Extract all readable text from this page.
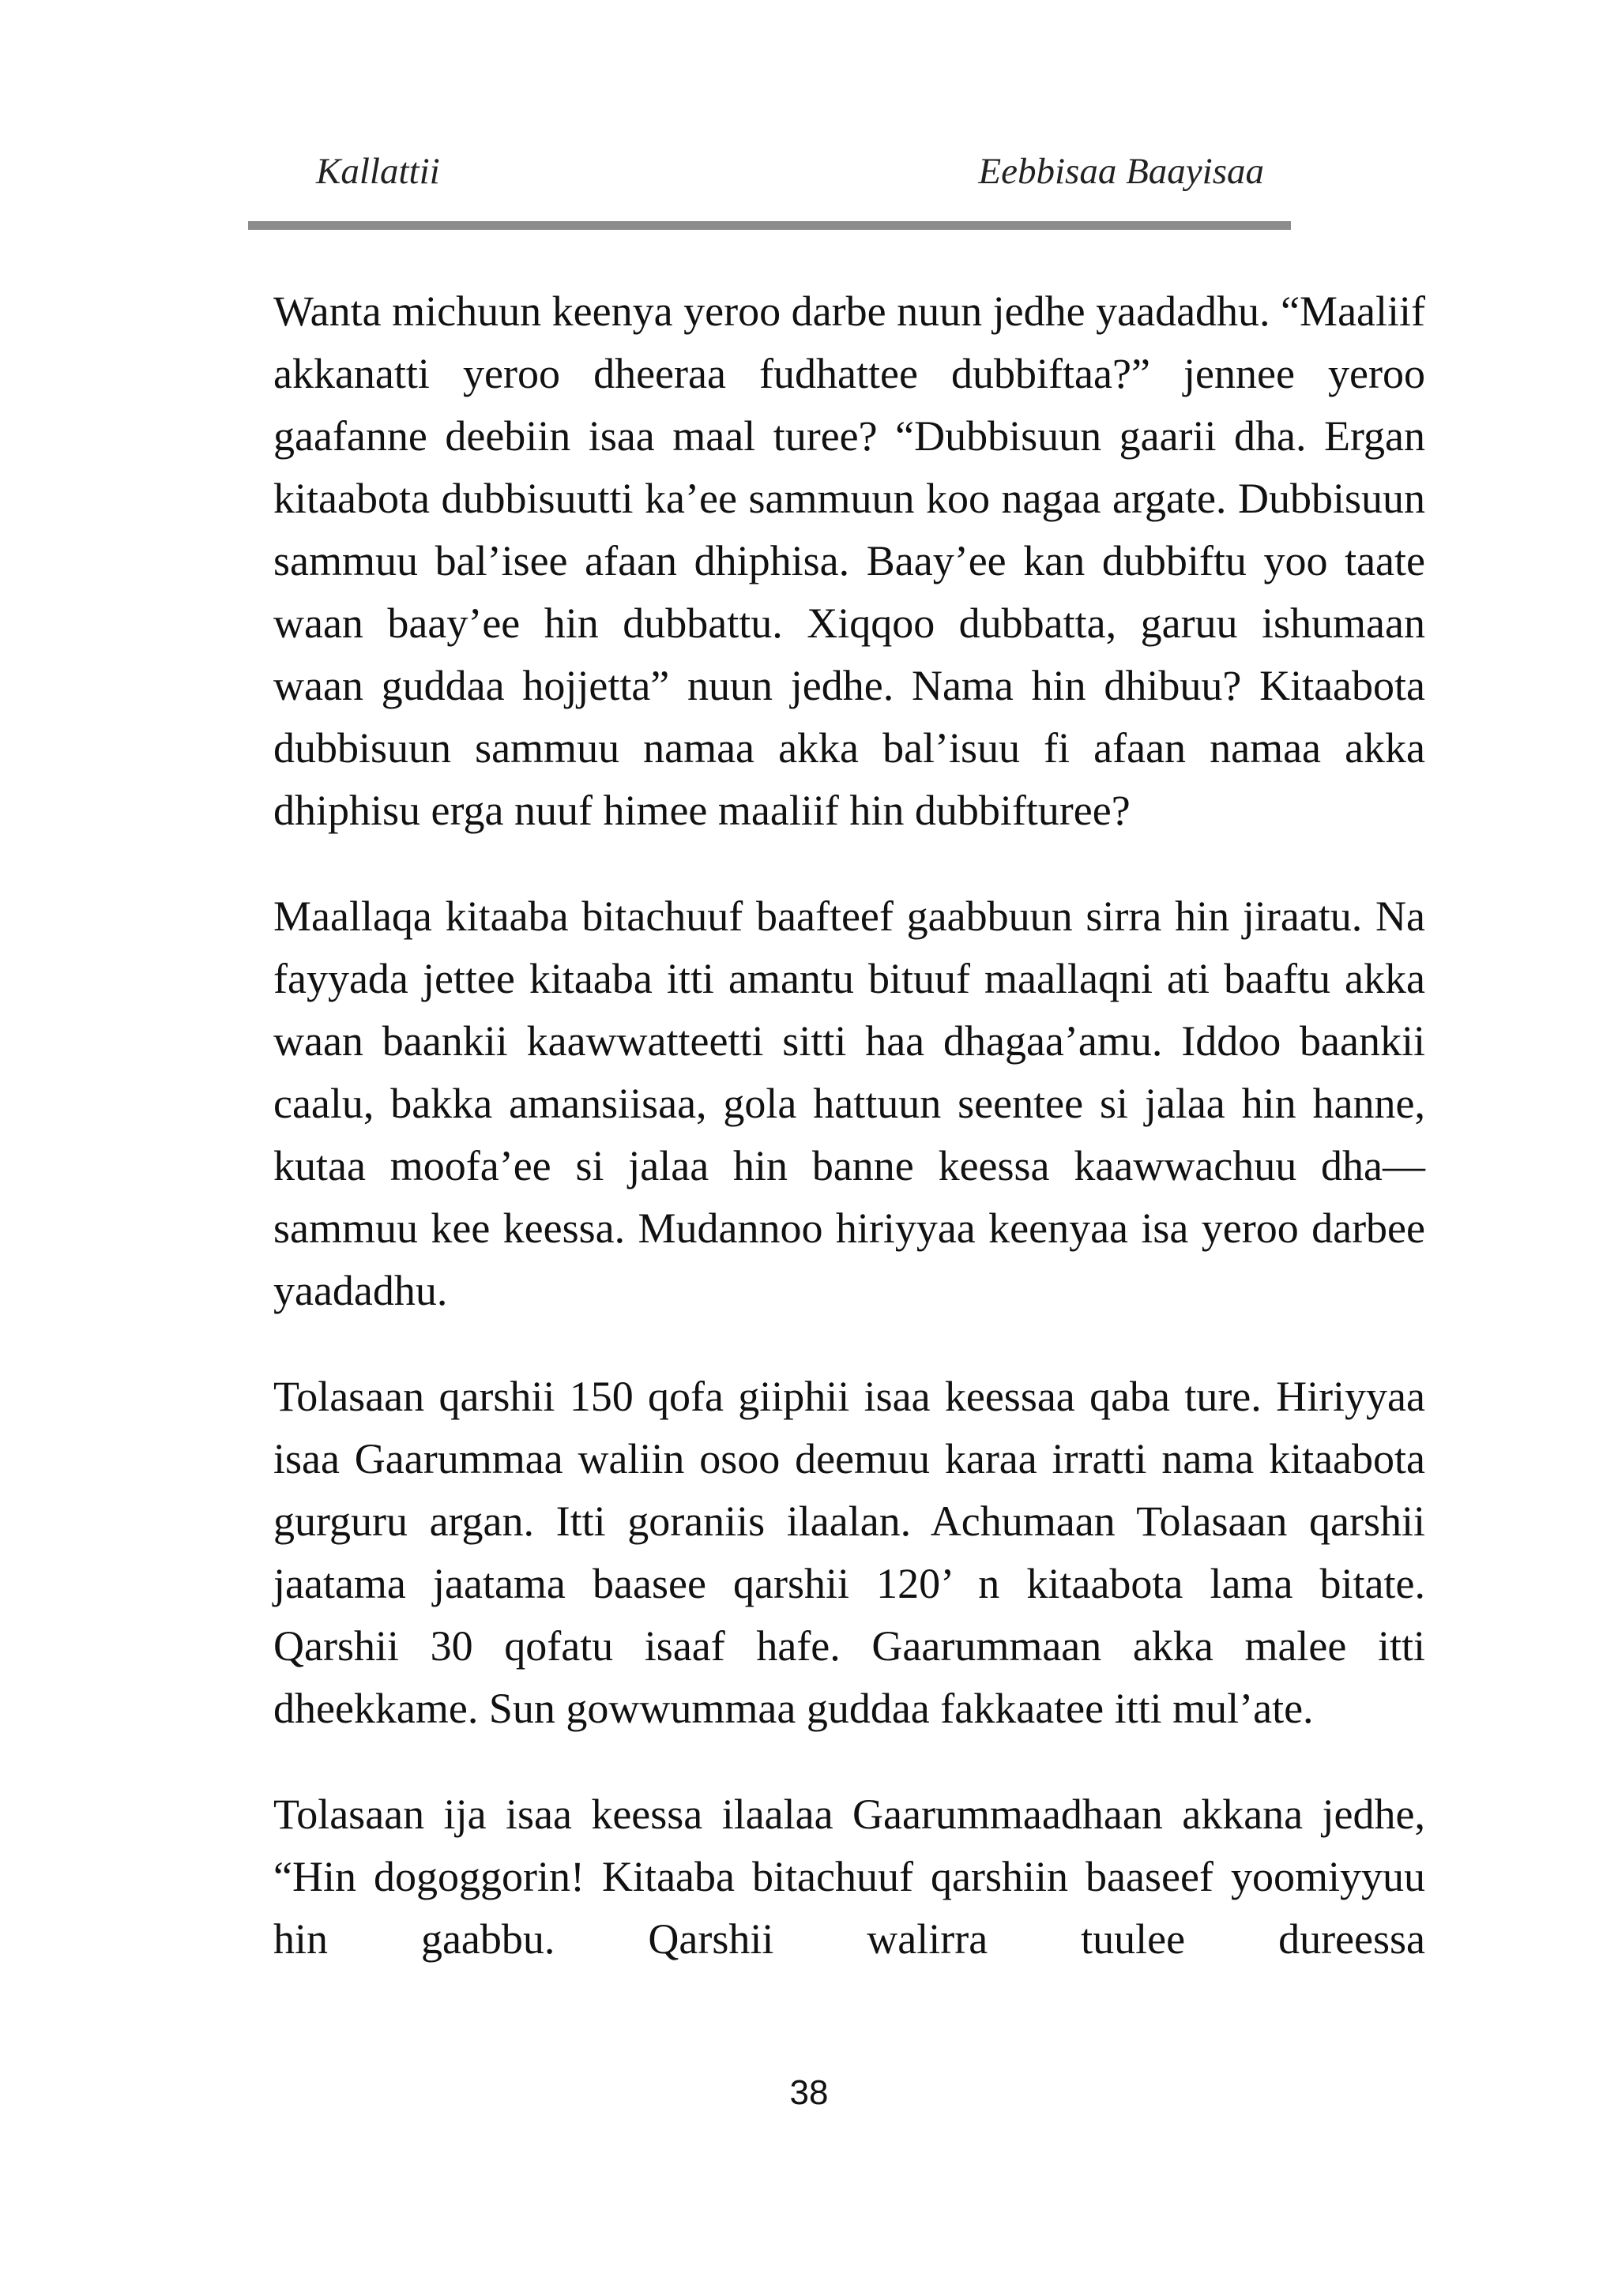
Kallattii	Eebbisaa Baayisaa

Wanta michuun keenya yeroo darbe nuun jedhe yaadadhu. “Maaliif akkanatti yeroo dheeraa fudhattee dubbiftaa?” jennee yeroo gaafanne deebiin isaa maal turee? “Dubbisuun gaarii dha. Ergan kitaabota dubbisuutti ka’ee sammuun koo nagaa argate. Dubbisuun sammuu bal’isee afaan dhiphisa. Baay’ee kan dubbiftu yoo taate waan baay’ee hin dubbattu. Xiqqoo dubbatta, garuu ishumaan waan guddaa hojjetta” nuun jedhe. Nama hin dhibuu? Kitaabota dubbisuun sammuu namaa akka bal’isuu fi afaan namaa akka dhiphisu erga nuuf himee maaliif hin dubbifturee?

Maallaqa kitaaba bitachuuf baafteef gaabbuun sirra hin jiraatu. Na fayyada jettee kitaaba itti amantu bituuf maallaqni ati baaftu akka waan baankii kaawwatteetti sitti haa dhagaa’amu. Iddoo baankii caalu, bakka amansiisaa, gola hattuun seentee si jalaa hin hanne, kutaa moofa’ee si jalaa hin banne keessa kaawwachuu dha—sammuu kee keessa. Mudannoo hiriyyaa keenyaa isa yeroo darbee yaadadhu.

Tolasaan qarshii 150 qofa giiphii isaa keessaa qaba ture. Hiriyyaa isaa Gaarummaa waliin osoo deemuu karaa irratti nama kitaabota gurguru argan. Itti goraniis ilaalan. Achumaan Tolasaan qarshii jaatama jaatama baasee qarshii 120’ n kitaabota lama bitate. Qarshii 30 qofatu isaaf hafe. Gaarummaan akka malee itti dheekkame. Sun gowwummaa guddaa fakkaatee itti mul’ate.

Tolasaan ija isaa keessa ilaalaa Gaarummaadhaan akkana jedhe, “Hin dogoggorin! Kitaaba bitachuuf qarshiin baaseef yoomiyyuu hin gaabbu. Qarshii walirra tuulee dureessa

38
